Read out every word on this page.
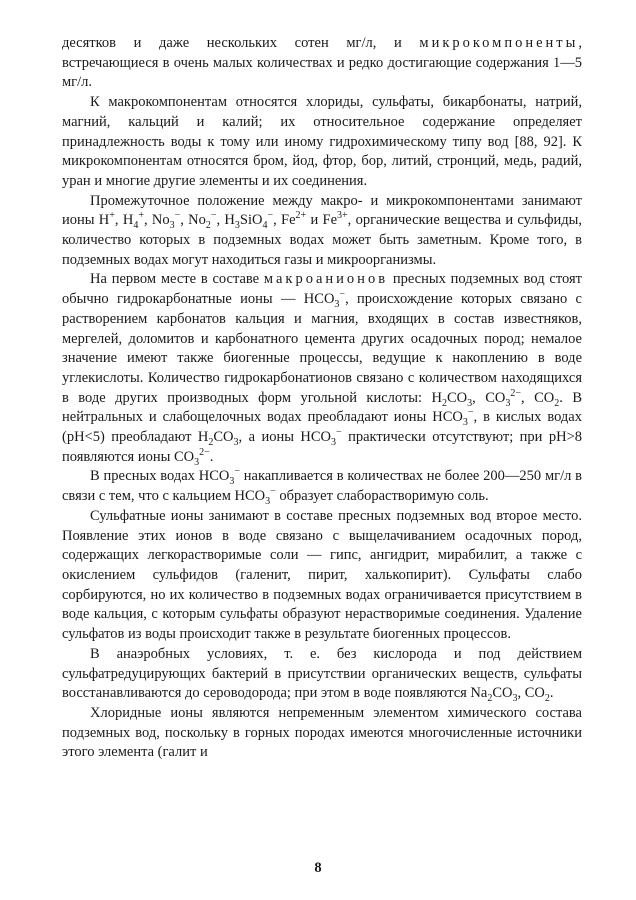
десятков и даже нескольких сотен мг/л, и микрокомпоненты, встречающиеся в очень малых количествах и редко достигающие содержания 1—5 мг/л.

К макрокомпонентам относятся хлориды, сульфаты, бикарбонаты, натрий, магний, кальций и калий; их относительное содержание определяет принадлежность воды к тому или иному гидрохимическому типу вод [88, 92]. К микрокомпонентам относятся бром, йод, фтор, бор, литий, стронций, медь, радий, уран и многие другие элементы и их соединения.

Промежуточное положение между макро- и микрокомпонентами занимают ионы H+, $H_4^+$, $No_3^-$, $No_2^-$, $H_3SiO_4^-$, $Fe^{2+}$ и $Fe^{3+}$, органические вещества и сульфиды, количество которых в подземных водах может быть заметным. Кроме того, в подземных водах могут находиться газы и микроорганизмы.

На первом месте в составе макроанионов пресных подземных вод стоят обычно гидрокарбонатные ионы — $HCO_3^-$, происхождение которых связано с растворением карбонатов кальция и магния, входящих в состав известняков, мергелей, доломитов и карбонатного цемента других осадочных пород; немалое значение имеют также биогенные процессы, ведущие к накоплению в воде углекислоты. Количество гидрокарбонатионов связано с количеством находящихся в воде других производных форм угольной кислоты: $H_2CO_3$, $CO_3^{2-}$, $CO_2$. В нейтральных и слабощелочных водах преобладают ионы $HCO_3^-$, в кислых водах (pH<5) преобладают $H_2CO_3$, а ионы $HCO_3^-$ практически отсутствуют; при pH>8 появляются ионы $CO_3^{2-}$.

В пресных водах $HCO_3^-$ накапливается в количествах не более 200—250 мг/л в связи с тем, что с кальцием $HCO_3^-$ образует слаборастворимую соль.

Сульфатные ионы занимают в составе пресных подземных вод второе место. Появление этих ионов в воде связано с выщелачиванием осадочных пород, содержащих легкорастворимые соли — гипс, ангидрит, мирабилит, а также с окислением сульфидов (галенит, пирит, халькопирит). Сульфаты слабо сорбируются, но их количество в подземных водах ограничивается присутствием в воде кальция, с которым сульфаты образуют нерастворимые соединения. Удаление сульфатов из воды происходит также в результате биогенных процессов.

В анаэробных условиях, т. е. без кислорода и под действием сульфатредуцирующих бактерий в присутствии органических веществ, сульфаты восстанавливаются до сероводорода; при этом в воде появляются $Na_2CO_3$, $CO_2$.

Хлоридные ионы являются непременным элементом химического состава подземных вод, поскольку в горных породах имеются многочисленные источники этого элемента (галит и

8
